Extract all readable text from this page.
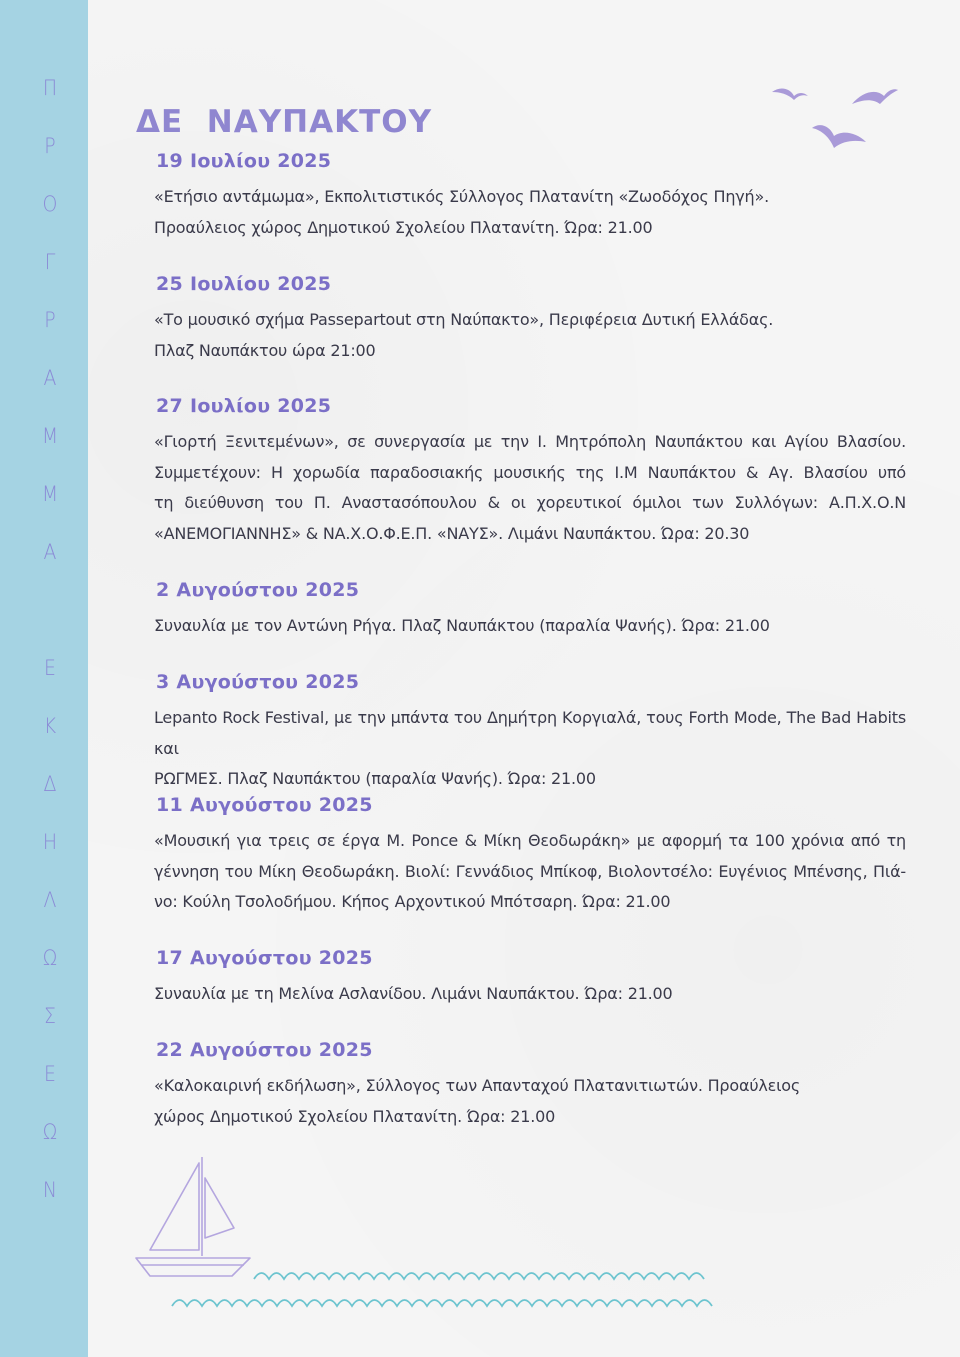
Π
Ρ
Ο
Γ
Ρ
Α
Μ
Μ
Α
Ε
Κ
Δ
Η
Λ
Ω
Σ
Ε
Ω
Ν
ΔΕ  ΝΑΥΠΑΚΤΟΥ
19 Ιουλίου 2025

«Ετήσιο αντάμωμα», Εκπολιτιστικός Σύλλογος Πλατανίτη «Ζωοδόχος Πηγή».
Προαύλειος χώρος Δημοτικού Σχολείου Πλατανίτη. Ώρα: 21.00

25 Ιουλίου 2025

«Το μουσικό σχήμα Passepartout στη Ναύπακτο», Περιφέρεια Δυτική Ελλάδας.
Πλαζ Ναυπάκτου ώρα 21:00

27 Ιουλίου 2025

«Γιορτή Ξενιτεμένων», σε συνεργασία με την Ι. Μητρόπολη Ναυπάκτου και Αγίου Βλασίου.
Συμμετέχουν: Η χορωδία παραδοσιακής μουσικής της Ι.Μ Ναυπάκτου & Αγ. Βλασίου υπό
τη διεύθυνση του Π. Αναστασόπουλου & οι χορευτικοί όμιλοι των Συλλόγων: Α.Π.Χ.Ο.Ν
«ΑΝΕΜΟΓΙΑΝΝΗΣ» & ΝΑ.Χ.Ο.Φ.Ε.Π. «ΝΑΥΣ». Λιμάνι Ναυπάκτου. Ώρα: 20.30

2 Αυγούστου 2025

Συναυλία με τον Αντώνη Ρήγα. Πλαζ Ναυπάκτου (παραλία Ψανής). Ώρα: 21.00

3 Αυγούστου 2025

Lepanto Rock Festival, με την μπάντα του Δημήτρη Κοργιαλά, τους Forth Mode, The Bad Habits και
ΡΩΓΜΕΣ. Πλαζ Ναυπάκτου (παραλία Ψανής). Ώρα: 21.00

11 Αυγούστου 2025

«Μουσική για τρεις σε έργα M. Ponce & Μίκη Θεοδωράκη» με αφορμή τα 100 χρόνια από τη
γέννηση του Μίκη Θεοδωράκη. Βιολί: Γεννάδιος Μπίκοφ, Βιολοντσέλο: Ευγένιος Μπένσης, Πιά-
νο: Κούλη Τσολοδήμου. Κήπος Αρχοντικού Μπότσαρη. Ώρα: 21.00

17 Αυγούστου 2025

Συναυλία με τη Μελίνα Ασλανίδου. Λιμάνι Ναυπάκτου. Ώρα: 21.00

22 Αυγούστου 2025

«Καλοκαιρινή εκδήλωση», Σύλλογος των Απανταχού Πλατανιτιωτών. Προαύλειος
χώρος Δημοτικού Σχολείου Πλατανίτη. Ώρα: 21.00
